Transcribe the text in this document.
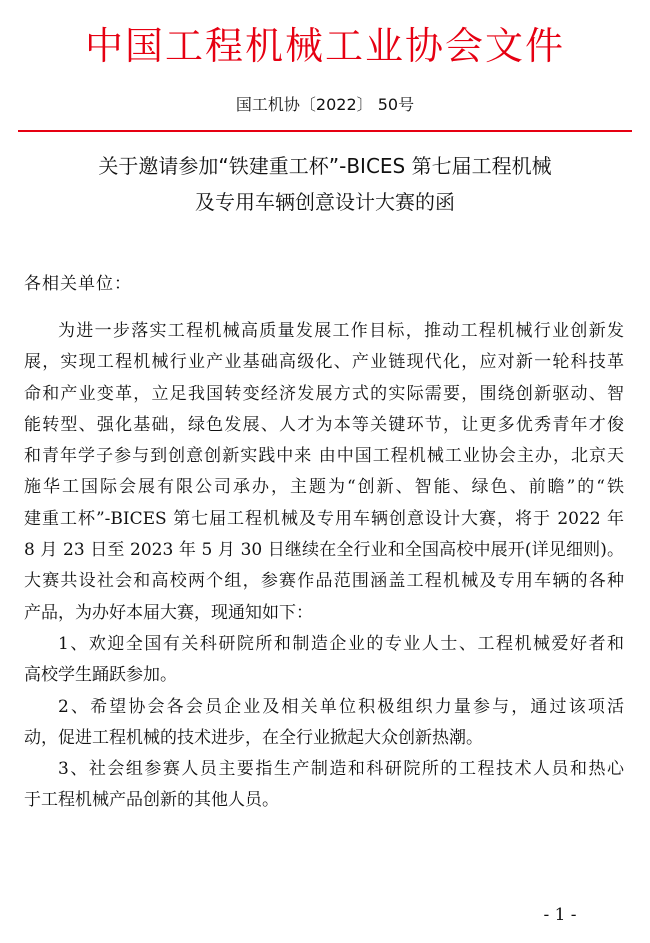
中国工程机械工业协会文件
国工机协〔2022〕 50号
关于邀请参加“铁建重工杯”-BICES 第七届工程机械
及专用车辆创意设计大赛的函
各相关单位：
为进一步落实工程机械高质量发展工作目标，推动工程机械行业创新发
展，实现工程机械行业产业基础高级化、产业链现代化，应对新一轮科技革
命和产业变革，立足我国转变经济发展方式的实际需要，围绕创新驱动、智
能转型、强化基础，绿色发展、人才为本等关键环节，让更多优秀青年才俊
和青年学子参与到创意创新实践中来 由中国工程机械工业协会主办，北京天
施华工国际会展有限公司承办，主题为“创新、智能、绿色、前瞻”的“铁
建重工杯”-BICES 第七届工程机械及专用车辆创意设计大赛，将于 2022 年
8 月 23 日至 2023 年 5 月 30 日继续在全行业和全国高校中展开(详见细则)。
大赛共设社会和高校两个组，参赛作品范围涵盖工程机械及专用车辆的各种
产品，为办好本届大赛，现通知如下：
1、欢迎全国有关科研院所和制造企业的专业人士、工程机械爱好者和
高校学生踊跃参加。
2、希望协会各会员企业及相关单位积极组织力量参与，通过该项活
动，促进工程机械的技术进步，在全行业掀起大众创新热潮。
3、社会组参赛人员主要指生产制造和科研院所的工程技术人员和热心
于工程机械产品创新的其他人员。
- 1 -
